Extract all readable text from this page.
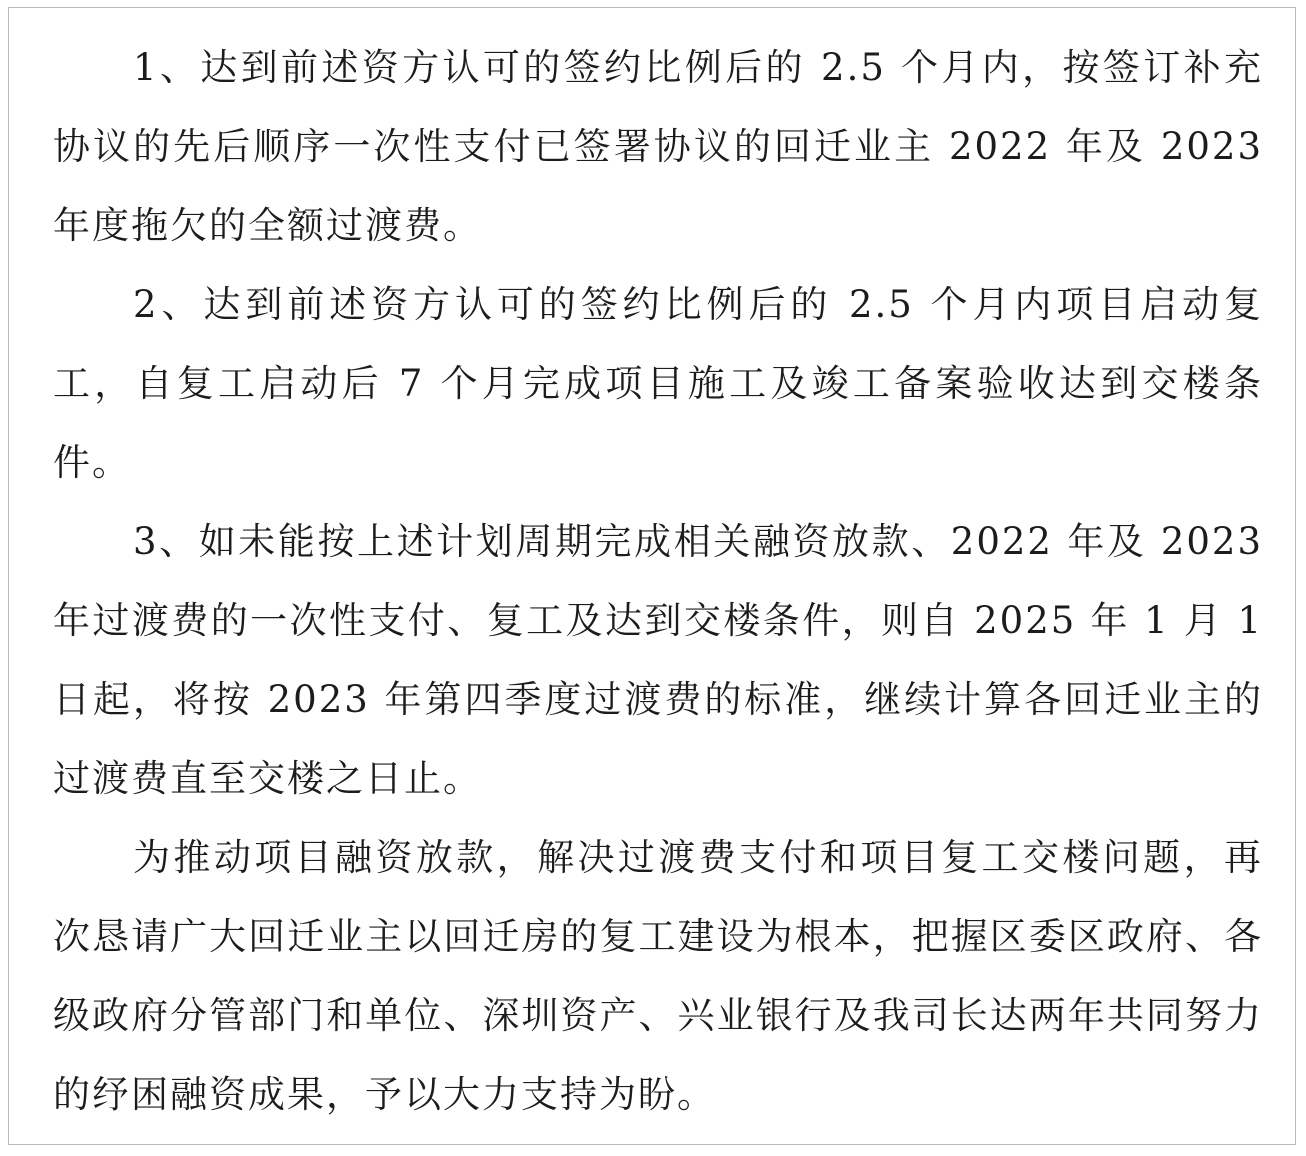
1、达到前述资方认可的签约比例后的 2.5 个月内，按签订补充协议的先后顺序一次性支付已签署协议的回迁业主 2022 年及 2023 年度拖欠的全额过渡费。

2、达到前述资方认可的签约比例后的 2.5 个月内项目启动复工，自复工启动后 7 个月完成项目施工及竣工备案验收达到交楼条件。

3、如未能按上述计划周期完成相关融资放款、2022 年及 2023 年过渡费的一次性支付、复工及达到交楼条件，则自 2025 年 1 月 1 日起，将按 2023 年第四季度过渡费的标准，继续计算各回迁业主的过渡费直至交楼之日止。

为推动项目融资放款，解决过渡费支付和项目复工交楼问题，再次恳请广大回迁业主以回迁房的复工建设为根本，把握区委区政府、各级政府分管部门和单位、深圳资产、兴业银行及我司长达两年共同努力的纾困融资成果，予以大力支持为盼。
